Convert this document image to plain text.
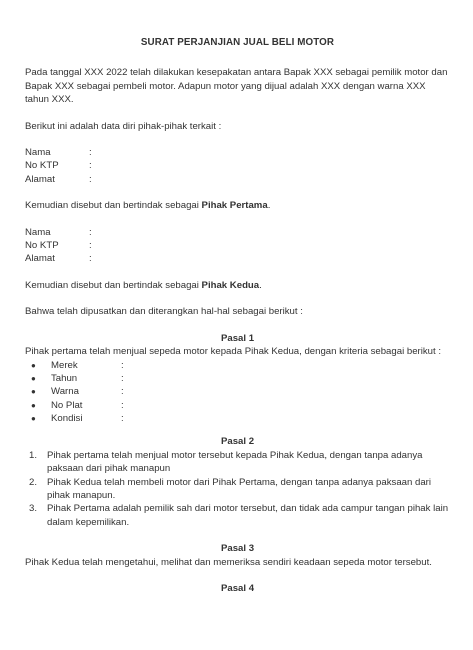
SURAT PERJANJIAN JUAL BELI MOTOR

Pada tanggal XXX 2022 telah dilakukan kesepakatan antara Bapak XXX sebagai pemilik motor dan Bapak XXX sebagai pembeli motor. Adapun motor yang dijual adalah XXX dengan warna XXX tahun XXX.

Berikut ini adalah data diri pihak-pihak terkait :

Nama	:
No KTP	:
Alamat	:

Kemudian disebut dan bertindak sebagai Pihak Pertama.

Nama	:
No KTP	:
Alamat	:

Kemudian disebut dan bertindak sebagai Pihak Kedua.

Bahwa telah dipusatkan dan diterangkan hal-hal sebagai berikut :

Pasal 1

Pihak pertama telah menjual sepeda motor kepada Pihak Kedua, dengan kriteria sebagai berikut :

●	Merek	:
●	Tahun	:
●	Warna	:
●	No Plat	:
●	Kondisi	:

Pasal 2

1.	Pihak pertama telah menjual motor tersebut kepada Pihak Kedua, dengan tanpa adanya paksaan dari pihak manapun
2.	Pihak Kedua telah membeli motor dari Pihak Pertama, dengan tanpa adanya paksaan dari pihak manapun.
3.	Pihak Pertama adalah pemilik sah dari motor tersebut, dan tidak ada campur tangan pihak lain dalam kepemilikan.

Pasal 3

Pihak Kedua telah mengetahui, melihat dan memeriksa sendiri keadaan sepeda motor tersebut.

Pasal 4
